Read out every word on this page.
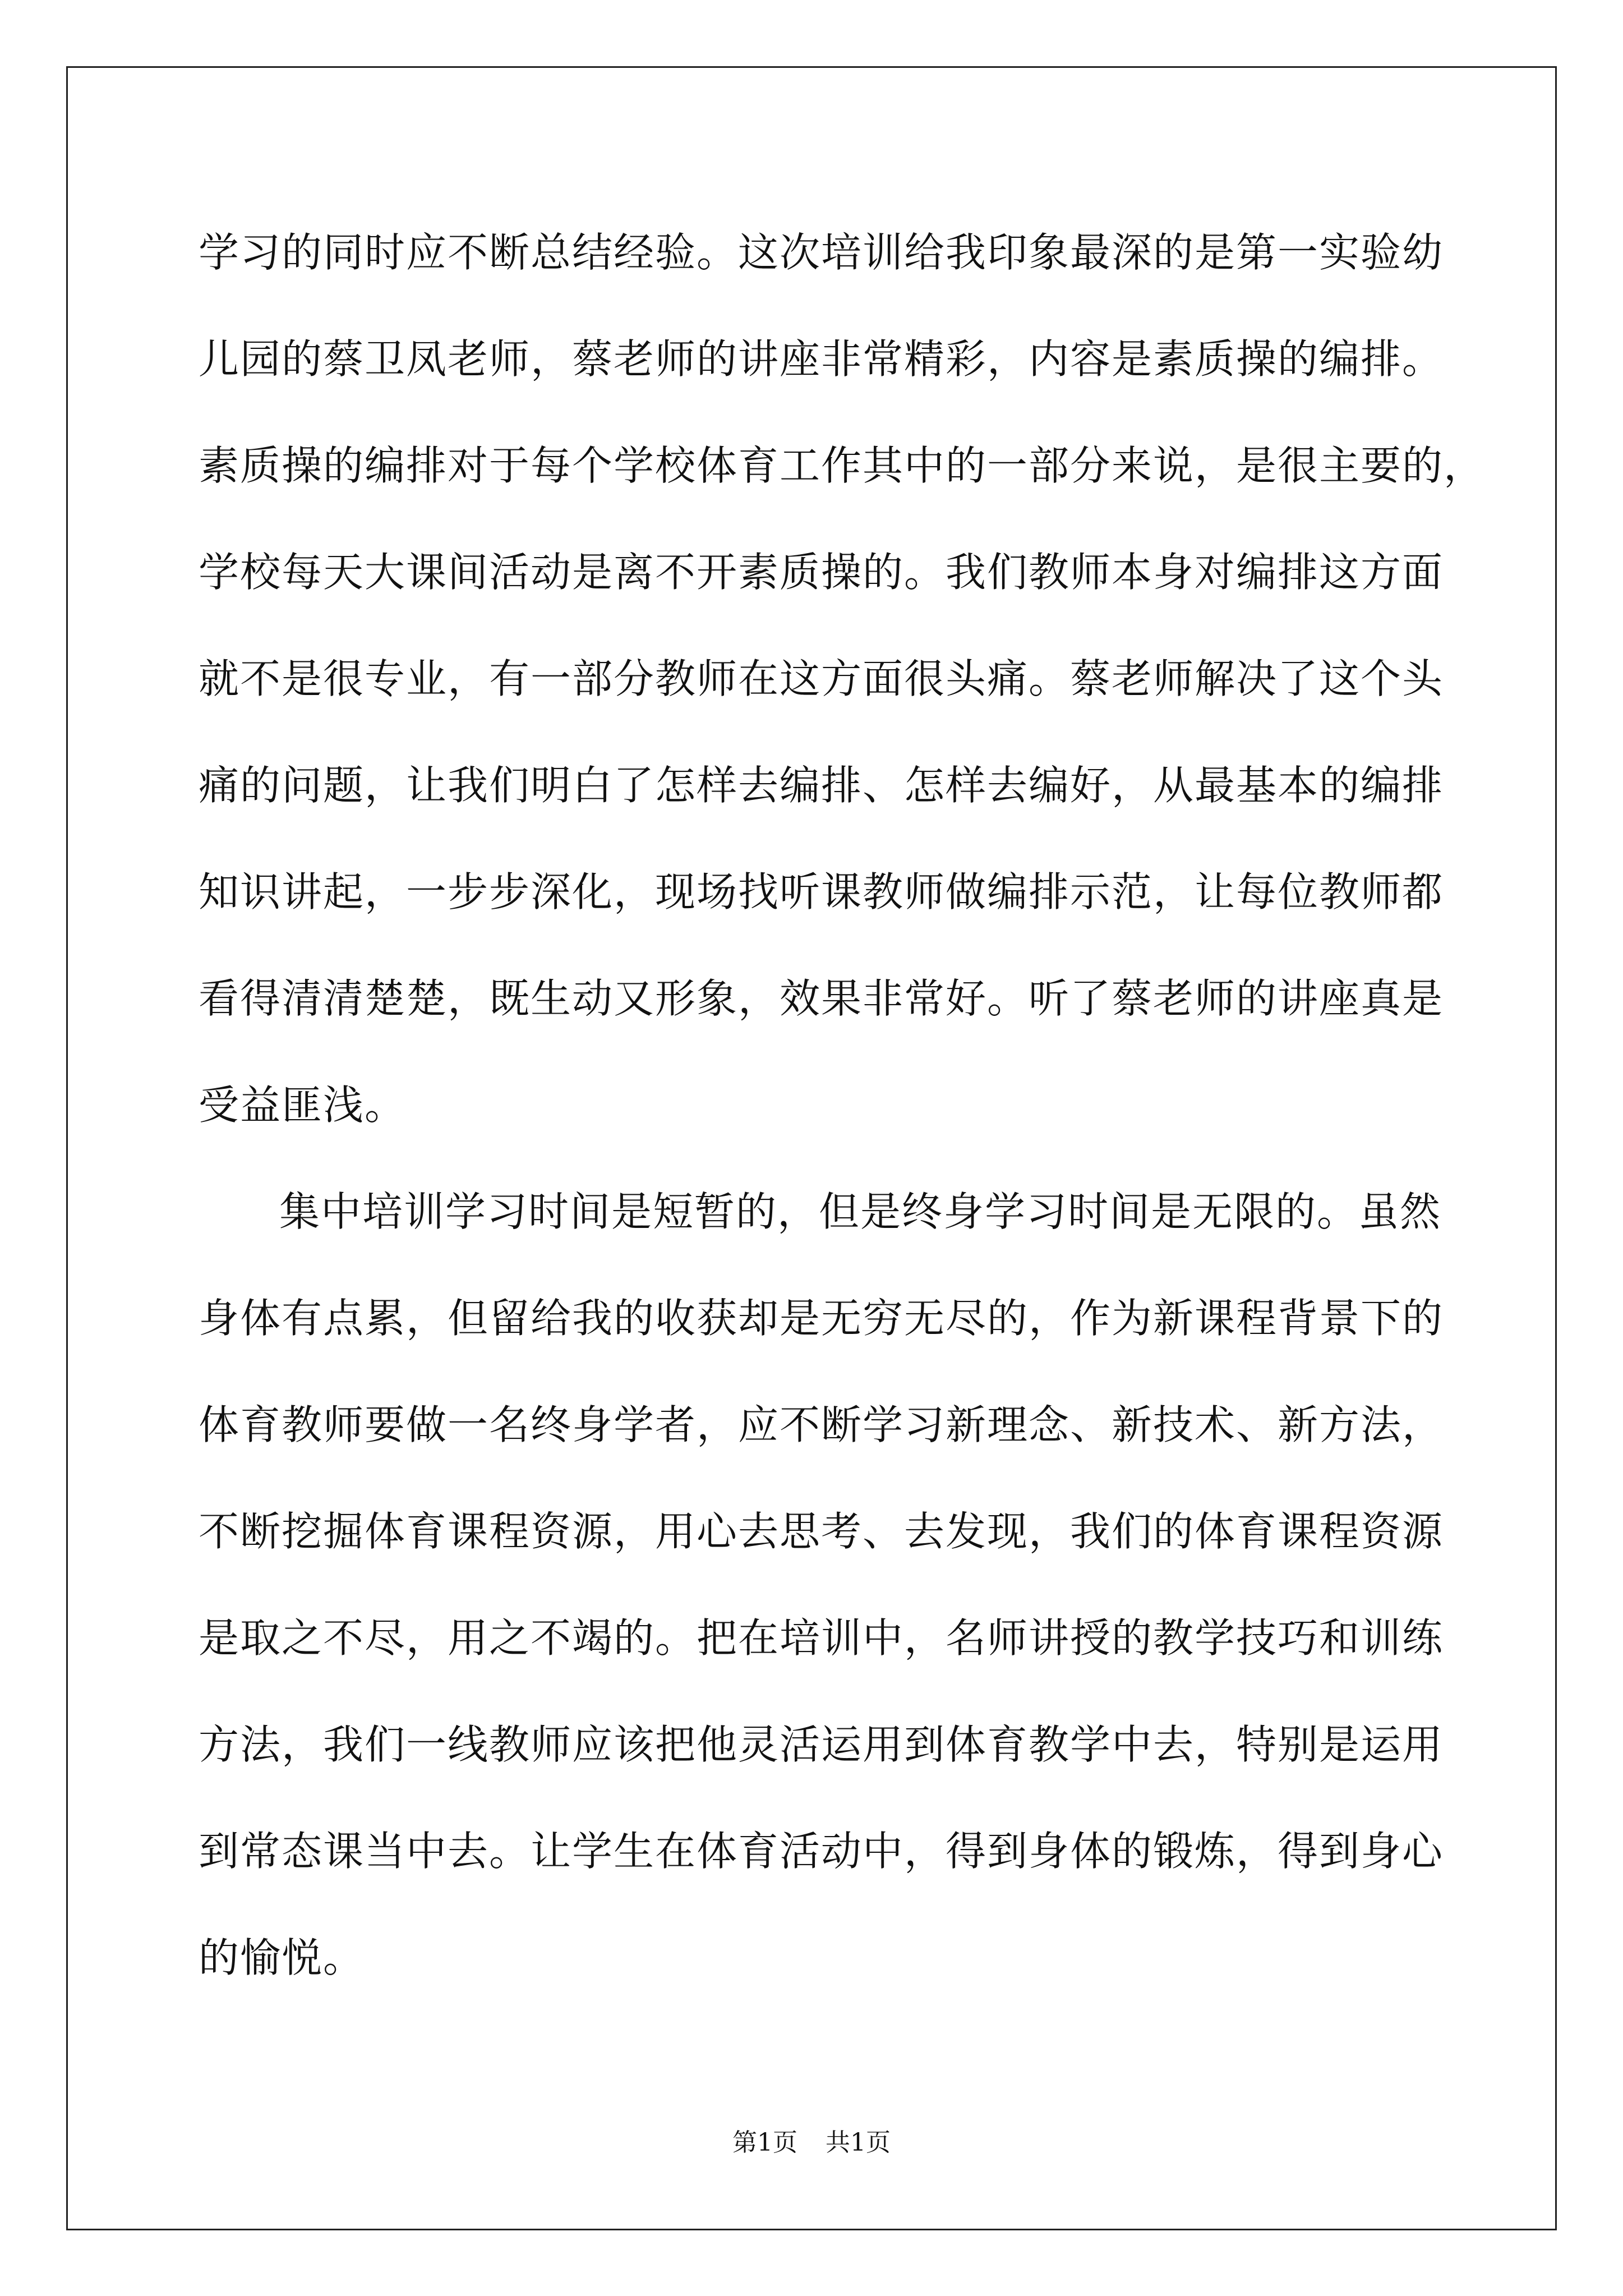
学习的同时应不断总结经验。这次培训给我印象最深的是第一实验幼
儿园的蔡卫凤老师，蔡老师的讲座非常精彩，内容是素质操的编排。
素质操的编排对于每个学校体育工作其中的一部分来说，是很主要的，
学校每天大课间活动是离不开素质操的。我们教师本身对编排这方面
就不是很专业，有一部分教师在这方面很头痛。蔡老师解决了这个头
痛的问题，让我们明白了怎样去编排、怎样去编好，从最基本的编排
知识讲起，一步步深化，现场找听课教师做编排示范，让每位教师都
看得清清楚楚，既生动又形象，效果非常好。听了蔡老师的讲座真是
受益匪浅。
集中培训学习时间是短暂的，但是终身学习时间是无限的。虽然
身体有点累，但留给我的收获却是无穷无尽的，作为新课程背景下的
体育教师要做一名终身学者，应不断学习新理念、新技术、新方法，
不断挖掘体育课程资源，用心去思考、去发现，我们的体育课程资源
是取之不尽，用之不竭的。把在培训中，名师讲授的教学技巧和训练
方法，我们一线教师应该把他灵活运用到体育教学中去，特别是运用
到常态课当中去。让学生在体育活动中，得到身体的锻炼，得到身心
的愉悦。
第1页 共1页
